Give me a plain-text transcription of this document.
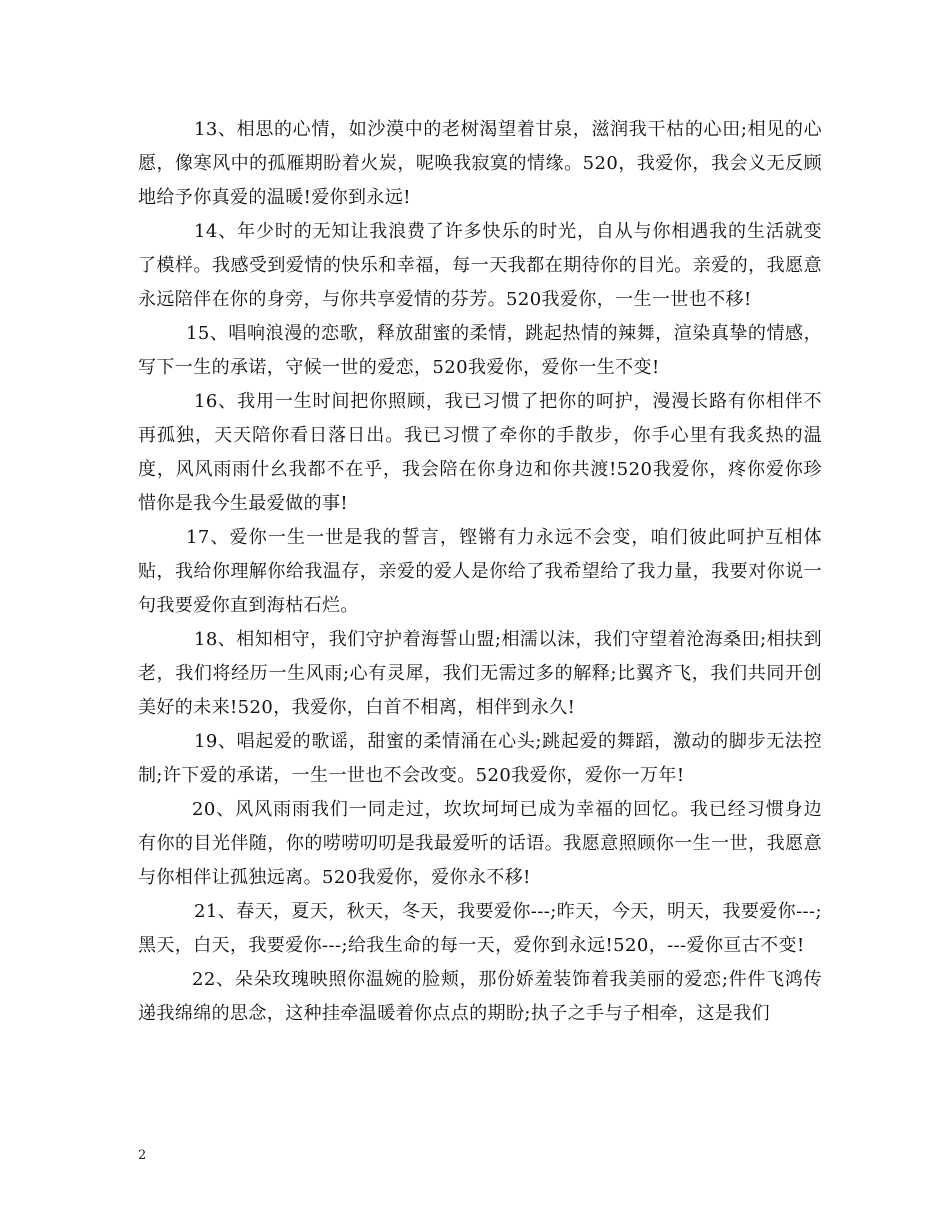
13、相思的心情，如沙漠中的老树渴望着甘泉，滋润我干枯的心田;相见的心愿，像寒风中的孤雁期盼着火炭，呢唤我寂寞的情缘。520，我爱你，我会义无反顾地给予你真爱的温暖!爱你到永远!

14、年少时的无知让我浪费了许多快乐的时光，自从与你相遇我的生活就变了模样。我感受到爱情的快乐和幸福，每一天我都在期待你的目光。亲爱的，我愿意永远陪伴在你的身旁，与你共享爱情的芬芳。520我爱你，一生一世也不移!

15、唱响浪漫的恋歌，释放甜蜜的柔情，跳起热情的辣舞，渲染真挚的情感，写下一生的承诺，守候一世的爱恋，520我爱你，爱你一生不变!

16、我用一生时间把你照顾，我已习惯了把你的呵护，漫漫长路有你相伴不再孤独，天天陪你看日落日出。我已习惯了牵你的手散步，你手心里有我炙热的温度，风风雨雨什幺我都不在乎，我会陪在你身边和你共渡!520我爱你，疼你爱你珍惜你是我今生最爱做的事!

17、爱你一生一世是我的誓言，铿锵有力永远不会变，咱们彼此呵护互相体贴，我给你理解你给我温存，亲爱的爱人是你给了我希望给了我力量，我要对你说一句我要爱你直到海枯石烂。

18、相知相守，我们守护着海誓山盟;相濡以沫，我们守望着沧海桑田;相扶到老，我们将经历一生风雨;心有灵犀，我们无需过多的解释;比翼齐飞，我们共同开创美好的未来!520，我爱你，白首不相离，相伴到永久!

19、唱起爱的歌谣，甜蜜的柔情涌在心头;跳起爱的舞蹈，激动的脚步无法控制;许下爱的承诺，一生一世也不会改变。520我爱你，爱你一万年!

20、风风雨雨我们一同走过，坎坎坷坷已成为幸福的回忆。我已经习惯身边有你的目光伴随，你的唠唠叨叨是我最爱听的话语。我愿意照顾你一生一世，我愿意与你相伴让孤独远离。520我爱你，爱你永不移!

21、春天，夏天，秋天，冬天，我要爱你---;昨天，今天，明天，我要爱你---;黑天，白天，我要爱你---;给我生命的每一天，爱你到永远!520，---爱你亘古不变!

22、朵朵玫瑰映照你温婉的脸颊，那份娇羞装饰着我美丽的爱恋;件件飞鸿传递我绵绵的思念，这种挂牵温暖着你点点的期盼;执子之手与子相牵，这是我们

2
